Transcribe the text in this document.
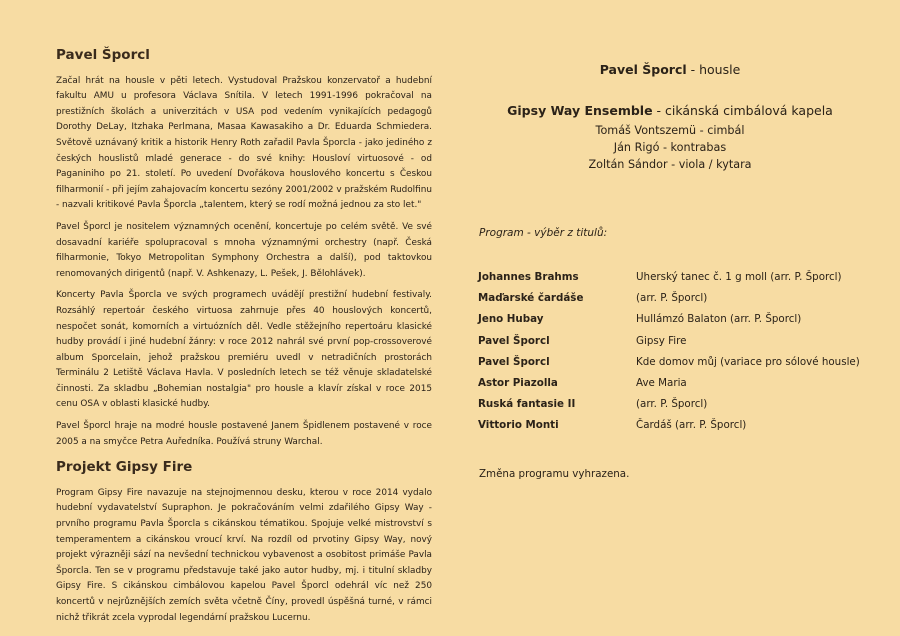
Pavel Šporcl

Začal hrát na housle v pěti letech. Vystudoval Pražskou konzervatoř a hudební fakultu AMU u profesora Václava Snítila. V letech 1991-1996 pokračoval na prestižních školách a univerzitách v USA pod vedením vynikajících pedagogů Dorothy DeLay, Itzhaka Perlmana, Masaa Kawasakiho a Dr. Eduarda Schmiedera. Světově uznávaný kritik a historik Henry Roth zařadil Pavla Šporcla - jako jediného z českých houslistů mladé generace - do své knihy: Housloví virtuosové - od Paganiniho po 21. století. Po uvedení Dvořákova houslového koncertu s Českou filharmonií - při jejím zahajovacím koncertu sezóny 2001/2002 v pražském Rudolfinu - nazvali kritikové Pavla Šporcla „talentem, který se rodí možná jednou za sto let."

Pavel Šporcl je nositelem významných ocenění, koncertuje po celém světě. Ve své dosavadní kariéře spolupracoval s mnoha významnými orchestry (např. Česká filharmonie, Tokyo Metropolitan Symphony Orchestra a další), pod taktovkou renomovaných dirigentů (např. V. Ashkenazy, L. Pešek, J. Bělohlávek).

Koncerty Pavla Šporcla ve svých programech uvádějí prestižní hudební festivaly. Rozsáhlý repertoár českého virtuosa zahrnuje přes 40 houslových koncertů, nespočet sonát, komorních a virtuózních děl. Vedle stěžejního repertoáru klasické hudby provádí i jiné hudební žánry: v roce 2012 nahrál své první pop-crossoverové album Sporcelain, jehož pražskou premiéru uvedl v netradičních prostorách Terminálu 2 Letiště Václava Havla. V posledních letech se též věnuje skladatelské činnosti. Za skladbu „Bohemian nostalgia" pro housle a klavír získal v roce 2015 cenu OSA v oblasti klasické hudby.

Pavel Šporcl hraje na modré housle postavené Janem Špidlenem postavené v roce 2005 a na smyčce Petra Auředníka. Používá struny Warchal.

Projekt Gipsy Fire

Program Gipsy Fire navazuje na stejnojmennou desku, kterou v roce 2014 vydalo hudební vydavatelství Supraphon. Je pokračováním velmi zdařilého Gipsy Way - prvního programu Pavla Šporcla s cikánskou tématikou. Spojuje velké mistrovství s temperamentem a cikánskou vroucí krví. Na rozdíl od prvotiny Gipsy Way, nový projekt výrazněji sází na nevšední technickou vybavenost a osobitost primáše Pavla Šporcla. Ten se v programu představuje také jako autor hudby, mj. i titulní skladby Gipsy Fire. S cikánskou cimbálovou kapelou Pavel Šporcl odehrál víc než 250 koncertů v nejrůznějších zemích světa včetně Číny, provedl úspěšná turné, v rámci nichž třikrát zcela vyprodal legendární pražskou Lucernu.

Pavel Šporcl - housle

Gipsy Way Ensemble - cikánská cimbálová kapela

Tomáš Vontszemü - cimbál

Ján Rigó - kontrabas

Zoltán Sándor - viola / kytara

Program - výběr z titulů:

Johannes Brahms	Uherský tanec č. 1 g moll (arr. P. Šporcl)
Maďarské čardáše	(arr. P. Šporcl)
Jeno Hubay	Hullámzó Balaton (arr. P. Šporcl)
Pavel Šporcl	Gipsy Fire
Pavel Šporcl	Kde domov můj (variace pro sólové housle)
Astor Piazolla	Ave Maria
Ruská fantasie II	(arr. P. Šporcl)
Vittorio Monti	Čardáš (arr. P. Šporcl)

Změna programu vyhrazena.
